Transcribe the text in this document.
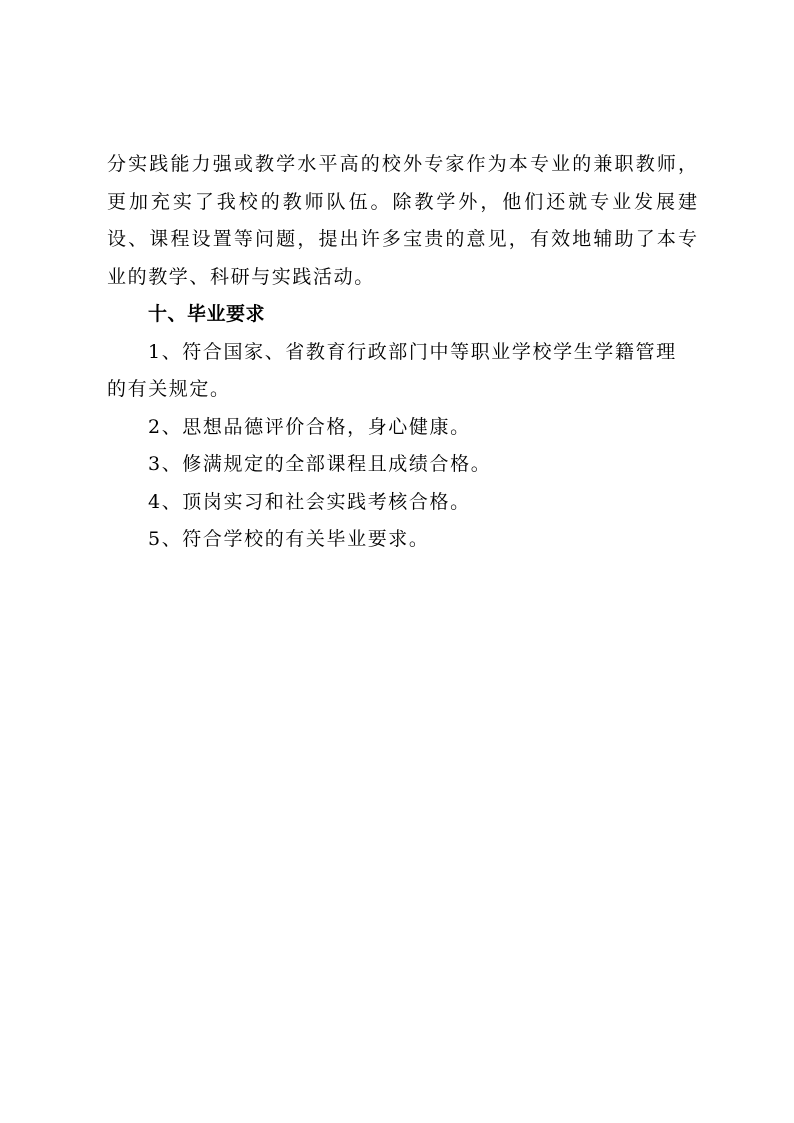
分实践能力强或教学水平高的校外专家作为本专业的兼职教师，
更加充实了我校的教师队伍。除教学外，他们还就专业发展建
设、课程设置等问题，提出许多宝贵的意见，有效地辅助了本专
业的教学、科研与实践活动。
十、毕业要求
1、符合国家、省教育行政部门中等职业学校学生学籍管理
的有关规定。
2、思想品德评价合格，身心健康。
3、修满规定的全部课程且成绩合格。
4、顶岗实习和社会实践考核合格。
5、符合学校的有关毕业要求。
